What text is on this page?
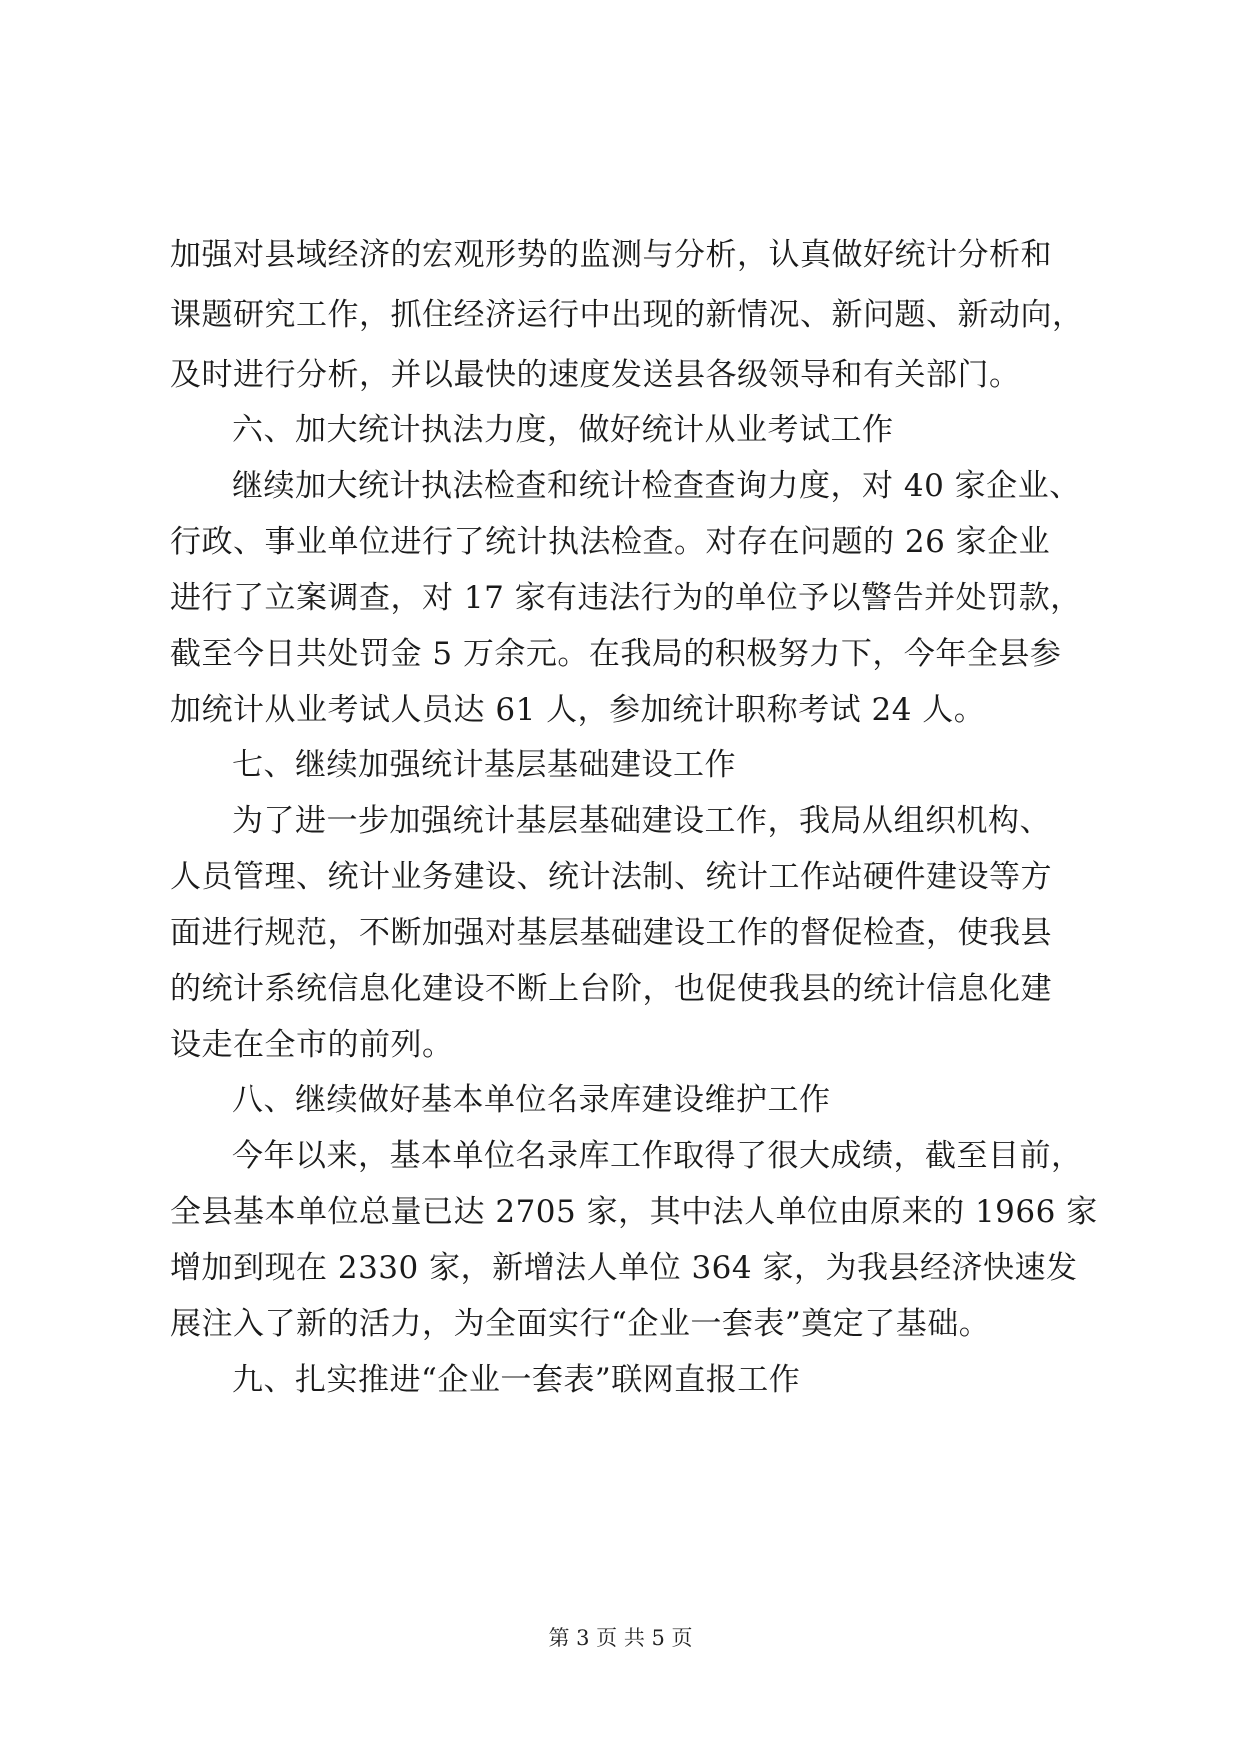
加强对县域经济的宏观形势的监测与分析，认真做好统计分析和
课题研究工作，抓住经济运行中出现的新情况、新问题、新动向，
及时进行分析，并以最快的速度发送县各级领导和有关部门。
六、加大统计执法力度，做好统计从业考试工作
继续加大统计执法检查和统计检查查询力度，对 40 家企业、
行政、事业单位进行了统计执法检查。对存在问题的 26 家企业
进行了立案调查，对 17 家有违法行为的单位予以警告并处罚款，
截至今日共处罚金 5 万余元。在我局的积极努力下，今年全县参
加统计从业考试人员达 61 人，参加统计职称考试 24 人。
七、继续加强统计基层基础建设工作
为了进一步加强统计基层基础建设工作，我局从组织机构、
人员管理、统计业务建设、统计法制、统计工作站硬件建设等方
面进行规范，不断加强对基层基础建设工作的督促检查，使我县
的统计系统信息化建设不断上台阶，也促使我县的统计信息化建
设走在全市的前列。
八、继续做好基本单位名录库建设维护工作
今年以来，基本单位名录库工作取得了很大成绩，截至目前，
全县基本单位总量已达 2705 家，其中法人单位由原来的 1966 家
增加到现在 2330 家，新增法人单位 364 家，为我县经济快速发
展注入了新的活力，为全面实行“企业一套表”奠定了基础。
九、扎实推进“企业一套表”联网直报工作
第 3 页 共 5 页
